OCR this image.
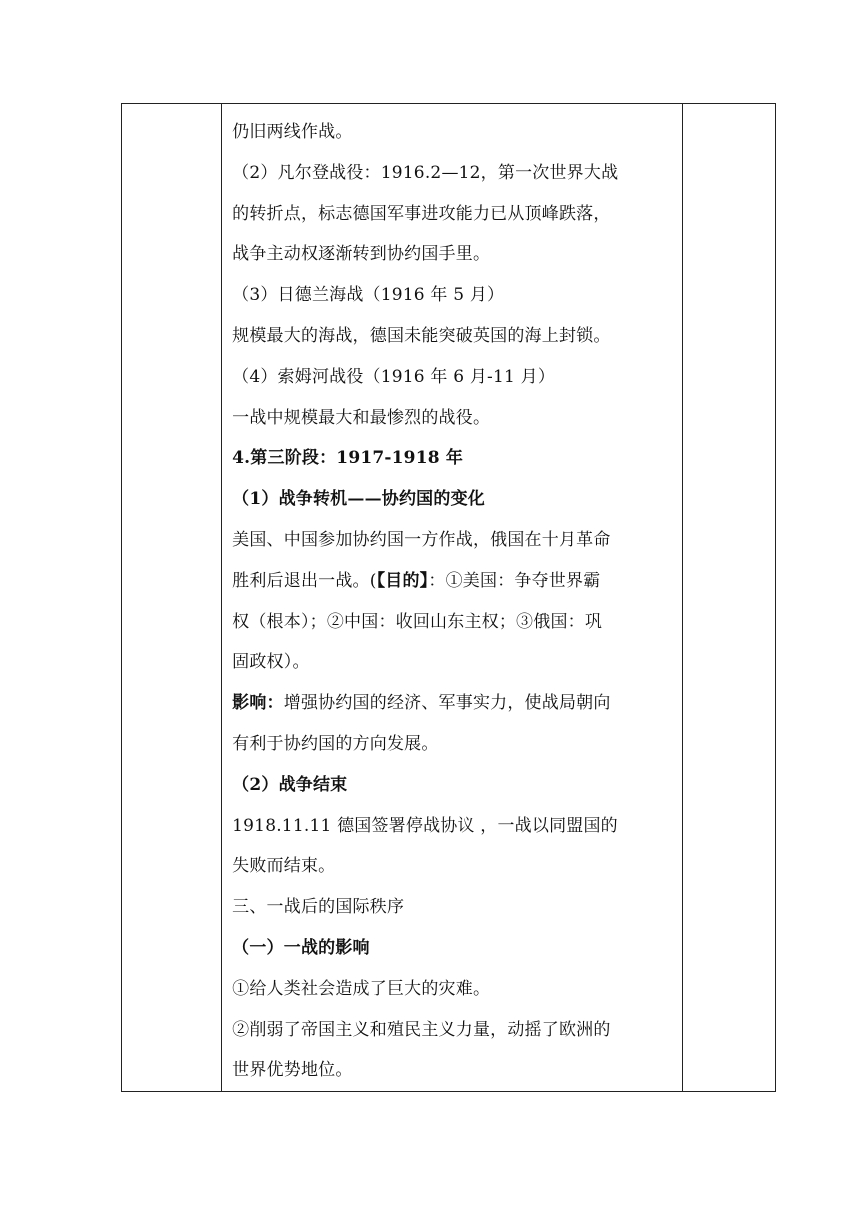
仍旧两线作战。
（2）凡尔登战役：1916.2—12，第一次世界大战
的转折点，标志德国军事进攻能力已从顶峰跌落，
战争主动权逐渐转到协约国手里。
（3）日德兰海战（1916 年 5 月）
规模最大的海战，德国未能突破英国的海上封锁。
（4）索姆河战役（1916 年 6 月-11 月）
一战中规模最大和最惨烈的战役。
4.第三阶段：1917-1918 年
（1）战争转机——协约国的变化
美国、中国参加协约国一方作战，俄国在十月革命
胜利后退出一战。(【目的】：①美国：争夺世界霸
权（根本）；②中国：收回山东主权；③俄国：巩
固政权）。
影响：增强协约国的经济、军事实力，使战局朝向
有利于协约国的方向发展。
（2）战争结束
1918.11.11 德国签署停战协议 ，一战以同盟国的
失败而结束。
三、一战后的国际秩序
（一）一战的影响
①给人类社会造成了巨大的灾难。
②削弱了帝国主义和殖民主义力量，动摇了欧洲的
世界优势地位。
